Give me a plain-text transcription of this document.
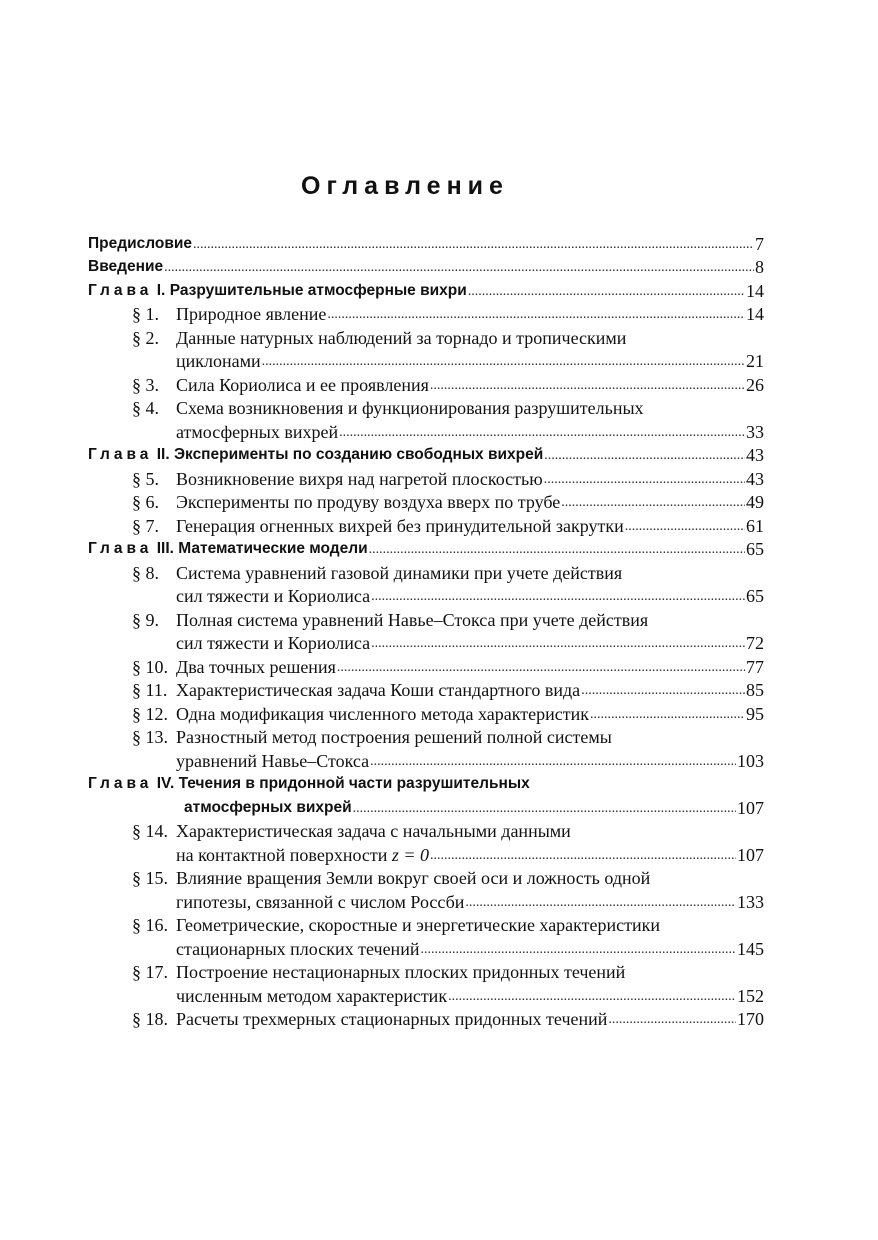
Оглавление
Предисловие .....	7
Введение .....	8
Глава
I.
Разрушительные атмосферные вихри .....	14
§ 1. Природное явление .....	14
§ 2. Данные натурных наблюдений за торнадо и тропическими
циклонами .....	21
§ 3. Сила Кориолиса и ее проявления .....	26
§ 4. Схема возникновения и функционирования разрушительных
атмосферных вихрей .....	33
Глава
II.
Эксперименты по созданию свободных вихрей .....	43
§ 5. Возникновение вихря над нагретой плоскостью .....	43
§ 6. Эксперименты по продуву воздуха вверх по трубе .....	49
§ 7. Генерация огненных вихрей без принудительной закрутки .....	61
Глава
III.
Математические модели .....	65
§ 8. Система уравнений газовой динамики при учете действия
сил тяжести и Кориолиса .....	65
§ 9. Полная система уравнений Навье–Стокса при учете действия
сил тяжести и Кориолиса .....	72
§ 10. Два точных решения .....	77
§ 11. Характеристическая задача Коши стандартного вида .....	85
§ 12. Одна модификация численного метода характеристик .....	95
§ 13. Разностный метод построения решений полной системы
уравнений Навье–Стокса .....	103
Глава
IV.
Течения в придонной части разрушительных
атмосферных вихрей .....	107
§ 14. Характеристическая задача с начальными данными
на контактной поверхности
z = 0 .....	107
§ 15. Влияние вращения Земли вокруг своей оси и ложность одной
гипотезы, связанной с числом Россби .....	133
§ 16. Геометрические, скоростные и энергетические характеристики
стационарных плоских течений .....	145
§ 17. Построение нестационарных плоских придонных течений
численным методом характеристик .....	152
§ 18. Расчеты трехмерных стационарных придонных течений .....	170
